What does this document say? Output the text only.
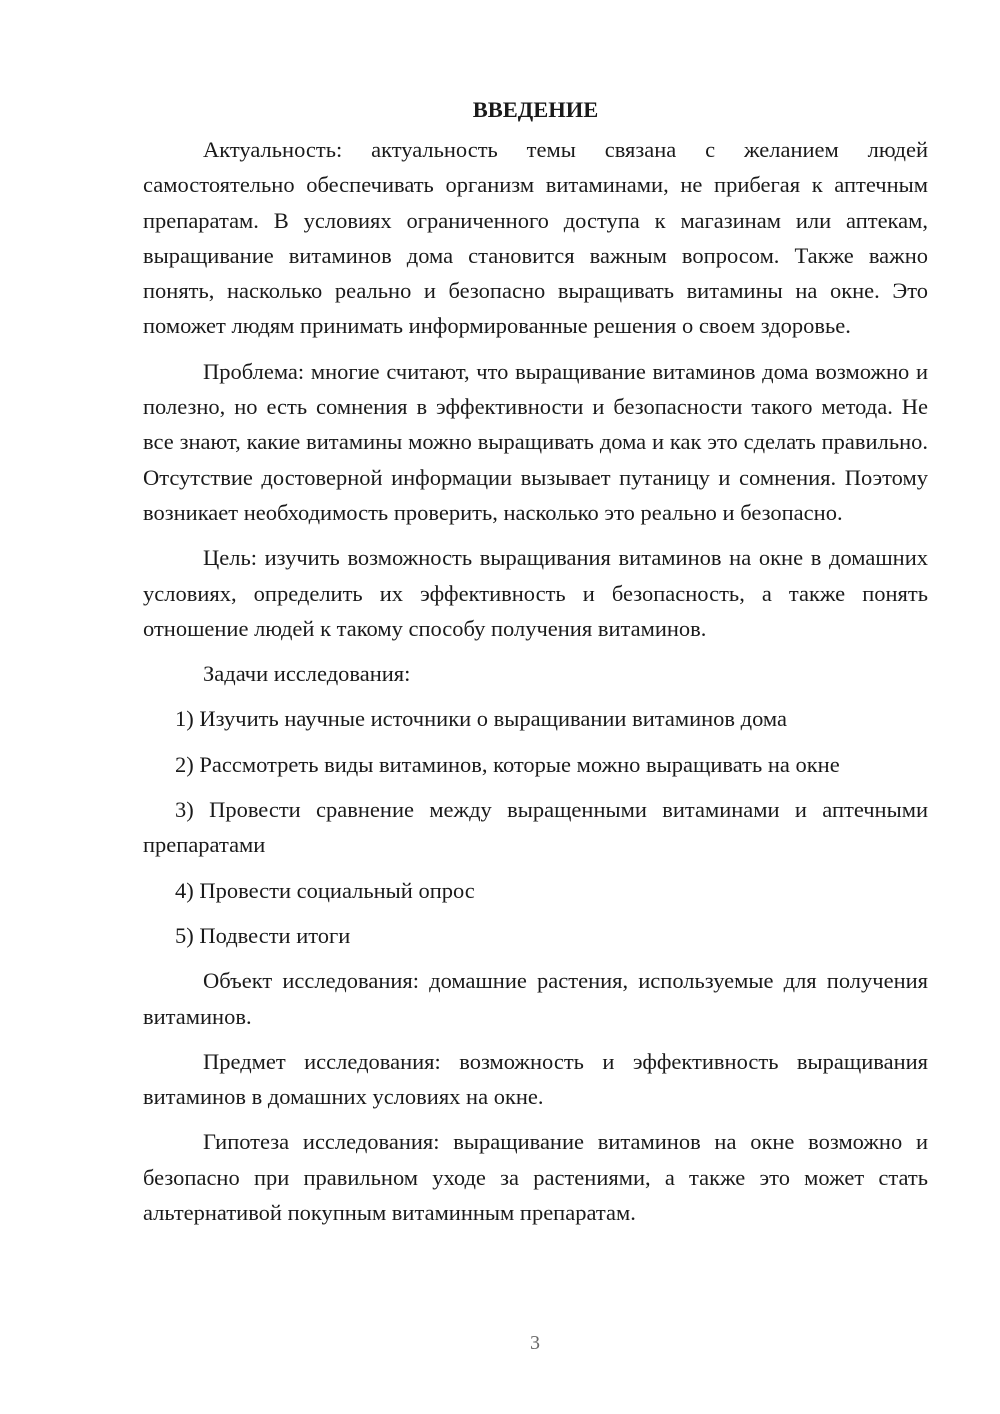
ВВЕДЕНИЕ

Актуальность: актуальность темы связана с желанием людей самостоятельно обеспечивать организм витаминами, не прибегая к аптечным препаратам. В условиях ограниченного доступа к магазинам или аптекам, выращивание витаминов дома становится важным вопросом. Также важно понять, насколько реально и безопасно выращивать витамины на окне. Это поможет людям принимать информированные решения о своем здоровье.

Проблема: многие считают, что выращивание витаминов дома возможно и полезно, но есть сомнения в эффективности и безопасности такого метода. Не все знают, какие витамины можно выращивать дома и как это сделать правильно. Отсутствие достоверной информации вызывает путаницу и сомнения. Поэтому возникает необходимость проверить, насколько это реально и безопасно.

Цель: изучить возможность выращивания витаминов на окне в домашних условиях, определить их эффективность и безопасность, а также понять отношение людей к такому способу получения витаминов.

Задачи исследования:

1) Изучить научные источники о выращивании витаминов дома

2) Рассмотреть виды витаминов, которые можно выращивать на окне

3) Провести сравнение между выращенными витаминами и аптечными препаратами

4) Провести социальный опрос

5) Подвести итоги

Объект исследования: домашние растения, используемые для получения витаминов.

Предмет исследования: возможность и эффективность выращивания витаминов в домашних условиях на окне.

Гипотеза исследования: выращивание витаминов на окне возможно и безопасно при правильном уходе за растениями, а также это может стать альтернативой покупным витаминным препаратам.

3
